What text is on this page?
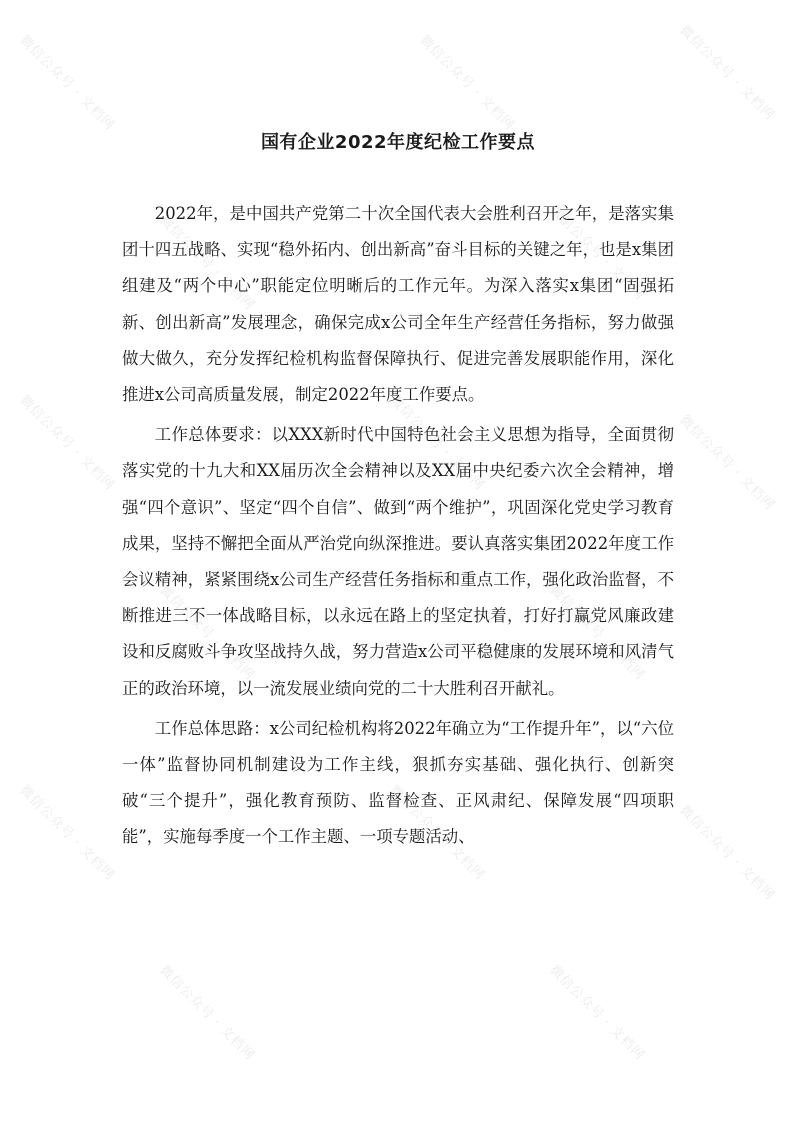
微信公众号 · 文档网	微信公众号 · 文档网	微信公众号 · 文档网
微信公众号 · 文档网	微信公众号 · 文档网
微信公众号 · 文档网	微信公众号 · 文档网	微信公众号 · 文档网
微信公众号 · 文档网	微信公众号 · 文档网
微信公众号 · 文档网	微信公众号 · 文档网	微信公众号 · 文档网
微信公众号 · 文档网	微信公众号 · 文档网
国有企业2022年度纪检工作要点

2022年，是中国共产党第二十次全国代表大会胜利召开之年，是落实集团十四五战略、实现“稳外拓内、创出新高”奋斗目标的关键之年，也是x集团组建及“两个中心”职能定位明晰后的工作元年。为深入落实x集团“固强拓新、创出新高”发展理念，确保完成x公司全年生产经营任务指标，努力做强做大做久，充分发挥纪检机构监督保障执行、促进完善发展职能作用，深化推进x公司高质量发展，制定2022年度工作要点。

工作总体要求：以XXX新时代中国特色社会主义思想为指导，全面贯彻落实党的十九大和XX届历次全会精神以及XX届中央纪委六次全会精神，增强“四个意识”、坚定“四个自信”、做到“两个维护”，巩固深化党史学习教育成果，坚持不懈把全面从严治党向纵深推进。要认真落实集团2022年度工作会议精神，紧紧围绕x公司生产经营任务指标和重点工作，强化政治监督，不断推进三不一体战略目标，以永远在路上的坚定执着，打好打赢党风廉政建设和反腐败斗争攻坚战持久战，努力营造x公司平稳健康的发展环境和风清气正的政治环境，以一流发展业绩向党的二十大胜利召开献礼。

工作总体思路：x公司纪检机构将2022年确立为“工作提升年”，以“六位一体”监督协同机制建设为工作主线，狠抓夯实基础、强化执行、创新突破“三个提升”，强化教育预防、监督检查、正风肃纪、保障发展“四项职能”，实施每季度一个工作主题、一项专题活动、
